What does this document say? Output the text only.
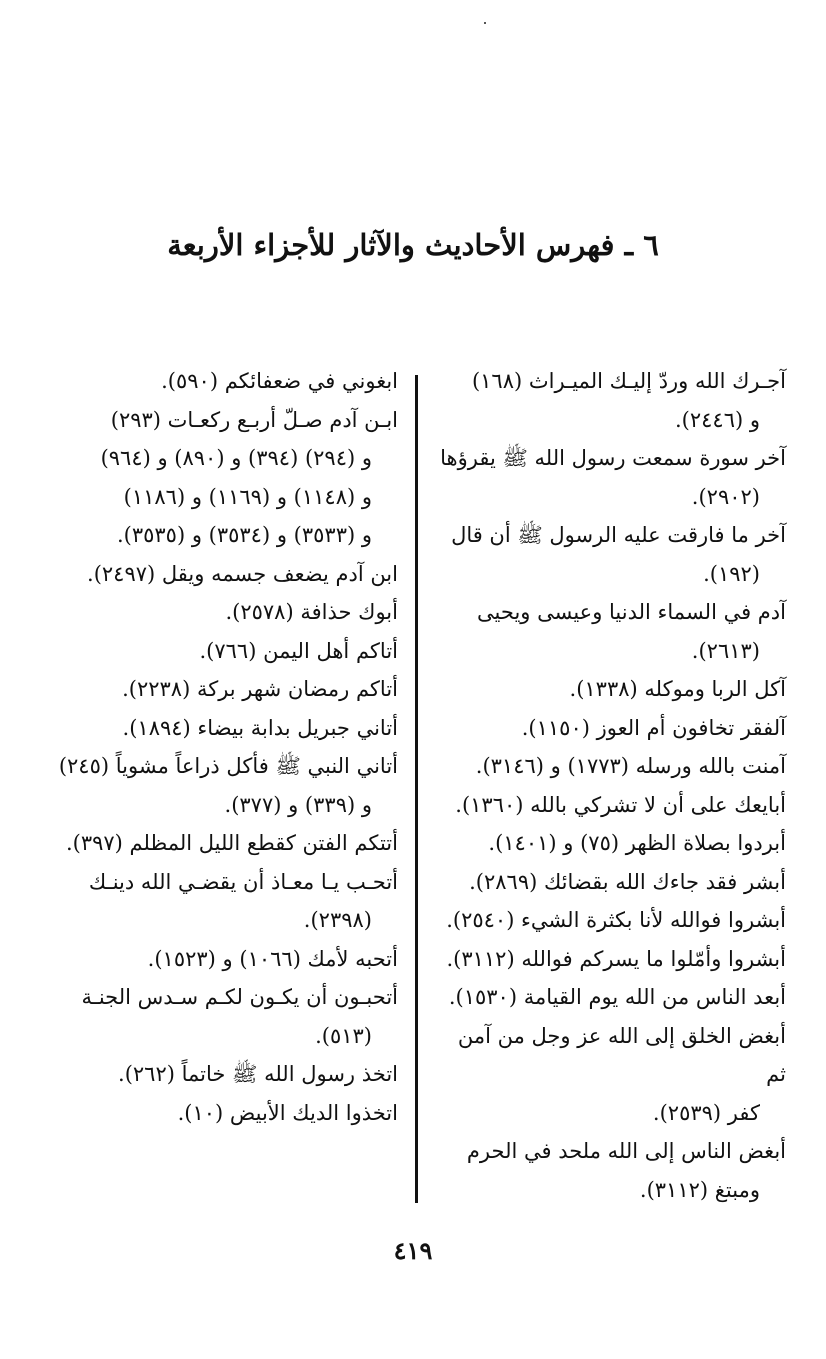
٦ ـ فهرس الأحاديث والآثار للأجزاء الأربعة
آجـرك الله وردّ إليـك الميـراث (١٦٨)
و (٢٤٤٦).
آخر سورة سمعت رسول الله ﷺ يقرؤها
(٢٩٠٢).
آخر ما فارقت عليه الرسول ﷺ أن قال
(١٩٢).
آدم في السماء الدنيا وعيسى ويحيى
(٢٦١٣).
آكل الربا وموكله (١٣٣٨).
آلفقر تخافون أم العوز (١١٥٠).
آمنت بالله ورسله (١٧٧٣) و (٣١٤٦).
أبايعك على أن لا تشركي بالله (١٣٦٠).
أبردوا بصلاة الظهر (٧٥) و (١٤٠١).
أبشر فقد جاءك الله بقضائك (٢٨٦٩).
أبشروا فوالله لأنا بكثرة الشيء (٢٥٤٠).
أبشروا وأمّلوا ما يسركم فوالله (٣١١٢).
أبعد الناس من الله يوم القيامة (١٥٣٠).
أبغض الخلق إلى الله عز وجل من آمن ثم
كفر (٢٥٣٩).
أبغض الناس إلى الله ملحد في الحرم
ومبتغ (٣١١٢).
ابغوني في ضعفائكم (٥٩٠).
ابـن آدم صـلّ أربـع ركعـات (٢٩٣)
و (٢٩٤) (٣٩٤) و (٨٩٠) و (٩٦٤)
و (١١٤٨) و (١١٦٩) و (١١٨٦)
و (٣٥٣٣) و (٣٥٣٤) و (٣٥٣٥).
ابن آدم يضعف جسمه ويقل (٢٤٩٧).
أبوك حذافة (٢٥٧٨).
أتاكم أهل اليمن (٧٦٦).
أتاكم رمضان شهر بركة (٢٢٣٨).
أتاني جبريل بدابة بيضاء (١٨٩٤).
أتاني النبي ﷺ فأكل ذراعاً مشوياً (٢٤٥)
و (٣٣٩) و (٣٧٧).
أتتكم الفتن كقطع الليل المظلم (٣٩٧).
أتحـب يـا معـاذ أن يقضـي الله دينـك
(٢٣٩٨).
أتحبه لأمك (١٠٦٦) و (١٥٢٣).
أتحبـون أن يكـون لكـم سـدس الجنـة
(٥١٣).
اتخذ رسول الله ﷺ خاتماً (٢٦٢).
اتخذوا الديك الأبيض (١٠).
٤١٩
